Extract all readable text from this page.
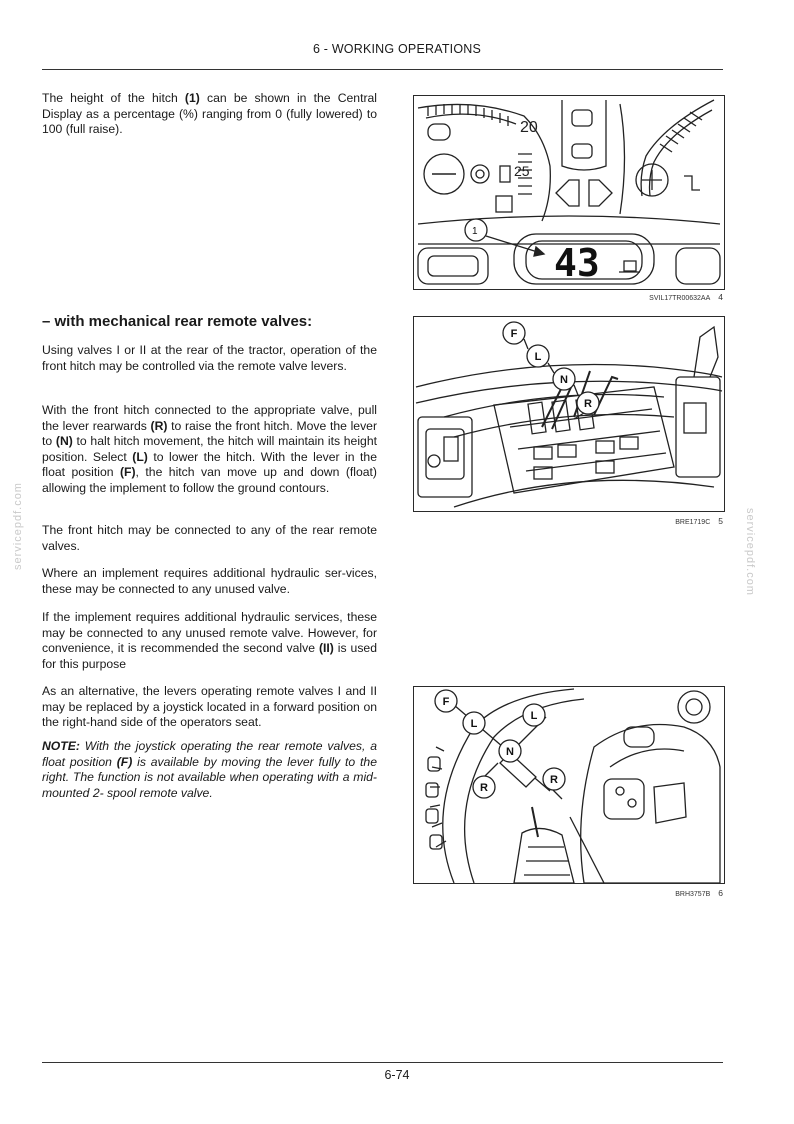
6 - WORKING OPERATIONS

The height of the hitch (1) can be shown in the Central Display as a percentage (%) ranging from 0 (fully lowered) to 100 (full raise).

43
20
25
1
SVIL17TR00632AA 4
– with mechanical rear remote valves:

Using valves I or II at the rear of the tractor, operation of the front hitch may be controlled via the remote valve levers.

With the front hitch connected to the appropriate valve, pull the lever rearwards (R) to raise the front hitch. Move the lever to (N) to halt hitch movement, the hitch will maintain its height position. Select (L) to lower the hitch. With the lever in the float position (F), the hitch van move up and down (float) allowing the implement to follow the ground contours.

The front hitch may be connected to any of the rear remote valves.

Where an implement requires additional hydraulic ser-vices, these may be connected to any unused valve.

If the implement requires additional hydraulic services, these may be connected to any unused remote valve. However, for convenience, it is recommended the second valve (II) is used for this purpose

As an alternative, the levers operating remote valves I and II may be replaced by a joystick located in a forward position on the right-hand side of the operators seat.

NOTE: With the joystick operating the rear remote valves, a float position (F) is available by moving the lever fully to the right. The function is not available when operating with a mid-mounted 2- spool remote valve.

F
L
N
R
BRE1719C 5
F
L
N
L
R
R
BRH3757B 6
servicepdf.com	servicepdf.com
6-74
